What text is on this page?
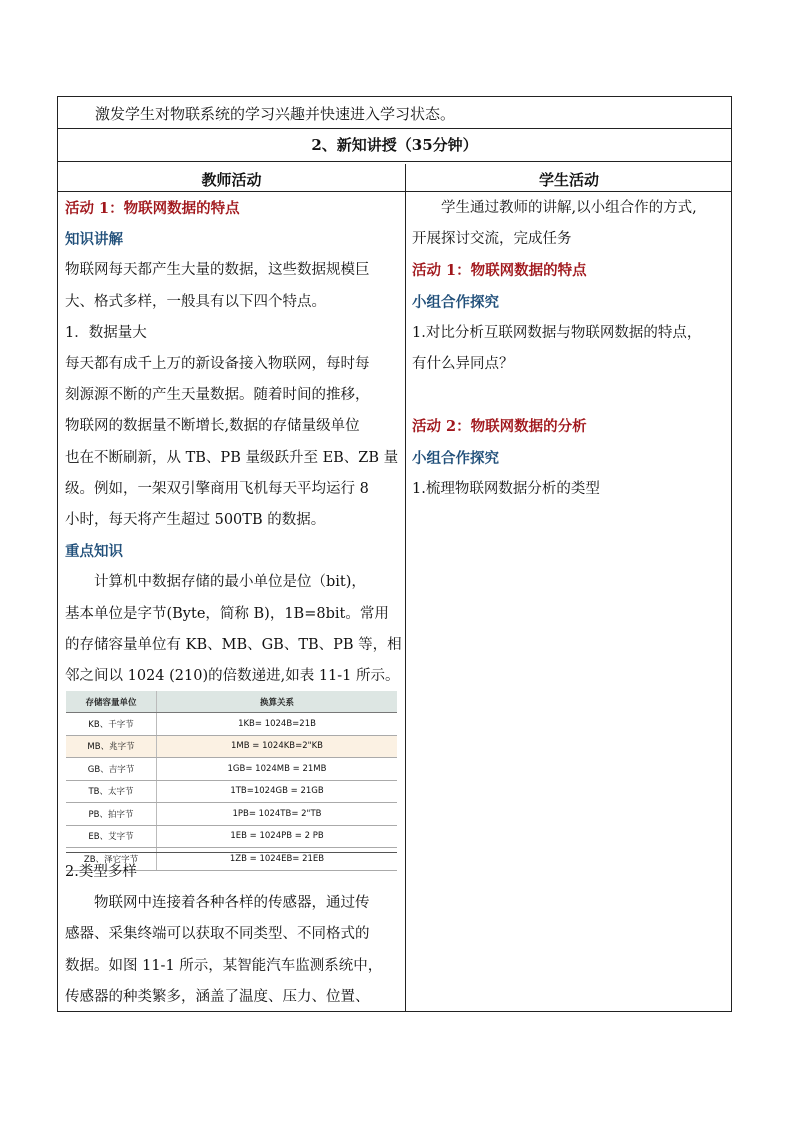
激发学生对物联系统的学习兴趣并快速进入学习状态。
2、新知讲授（35分钟）
教师活动	学生活动

活动 1：物联网数据的特点

知识讲解

物联网每天都产生大量的数据，这些数据规模巨

大、格式多样，一般具有以下四个特点。

1．数据量大

每天都有成千上万的新设备接入物联网，每时每

刻源源不断的产生天量数据。随着时间的推移，

物联网的数据量不断增长,数据的存储量级单位

也在不断刷新，从 TB、PB 量级跃升至 EB、ZB 量

级。例如，一架双引擎商用飞机每天平均运行 8

小时，每天将产生超过 500TB 的数据。

重点知识

计算机中数据存储的最小单位是位（bit)，

基本单位是字节(Byte，简称 B)，1B=8bit。常用

的存储容量单位有 KB、MB、GB、TB、PB 等，相

邻之间以 1024 (210)的倍数递进,如表 11-1 所示。

存储容量单位	换算关系
KB、千字节	1KB= 1024B=21B
MB、兆字节	1MB = 1024KB=2"KB
GB、吉字节	1GB= 1024MB = 21MB
TB、太字节	1TB=1024GB = 21GB
PB、拍字节	1PB= 1024TB= 2"TB
EB、艾字节	1EB = 1024PB = 2 PB
ZB、泽它字节	1ZB = 1024EB= 21EB

2.类型多样

物联网中连接着各种各样的传感器，通过传

感器、采集终端可以获取不同类型、不同格式的

数据。如图 11-1 所示，某智能汽车监测系统中，

传感器的种类繁多，涵盖了温度、压力、位置、

学生通过教师的讲解,以小组合作的方式,

开展探讨交流，完成任务

活动 1：物联网数据的特点

小组合作探究

1.对比分析互联网数据与物联网数据的特点，

有什么异同点？

活动 2：物联网数据的分析

小组合作探究

1.梳理物联网数据分析的类型
